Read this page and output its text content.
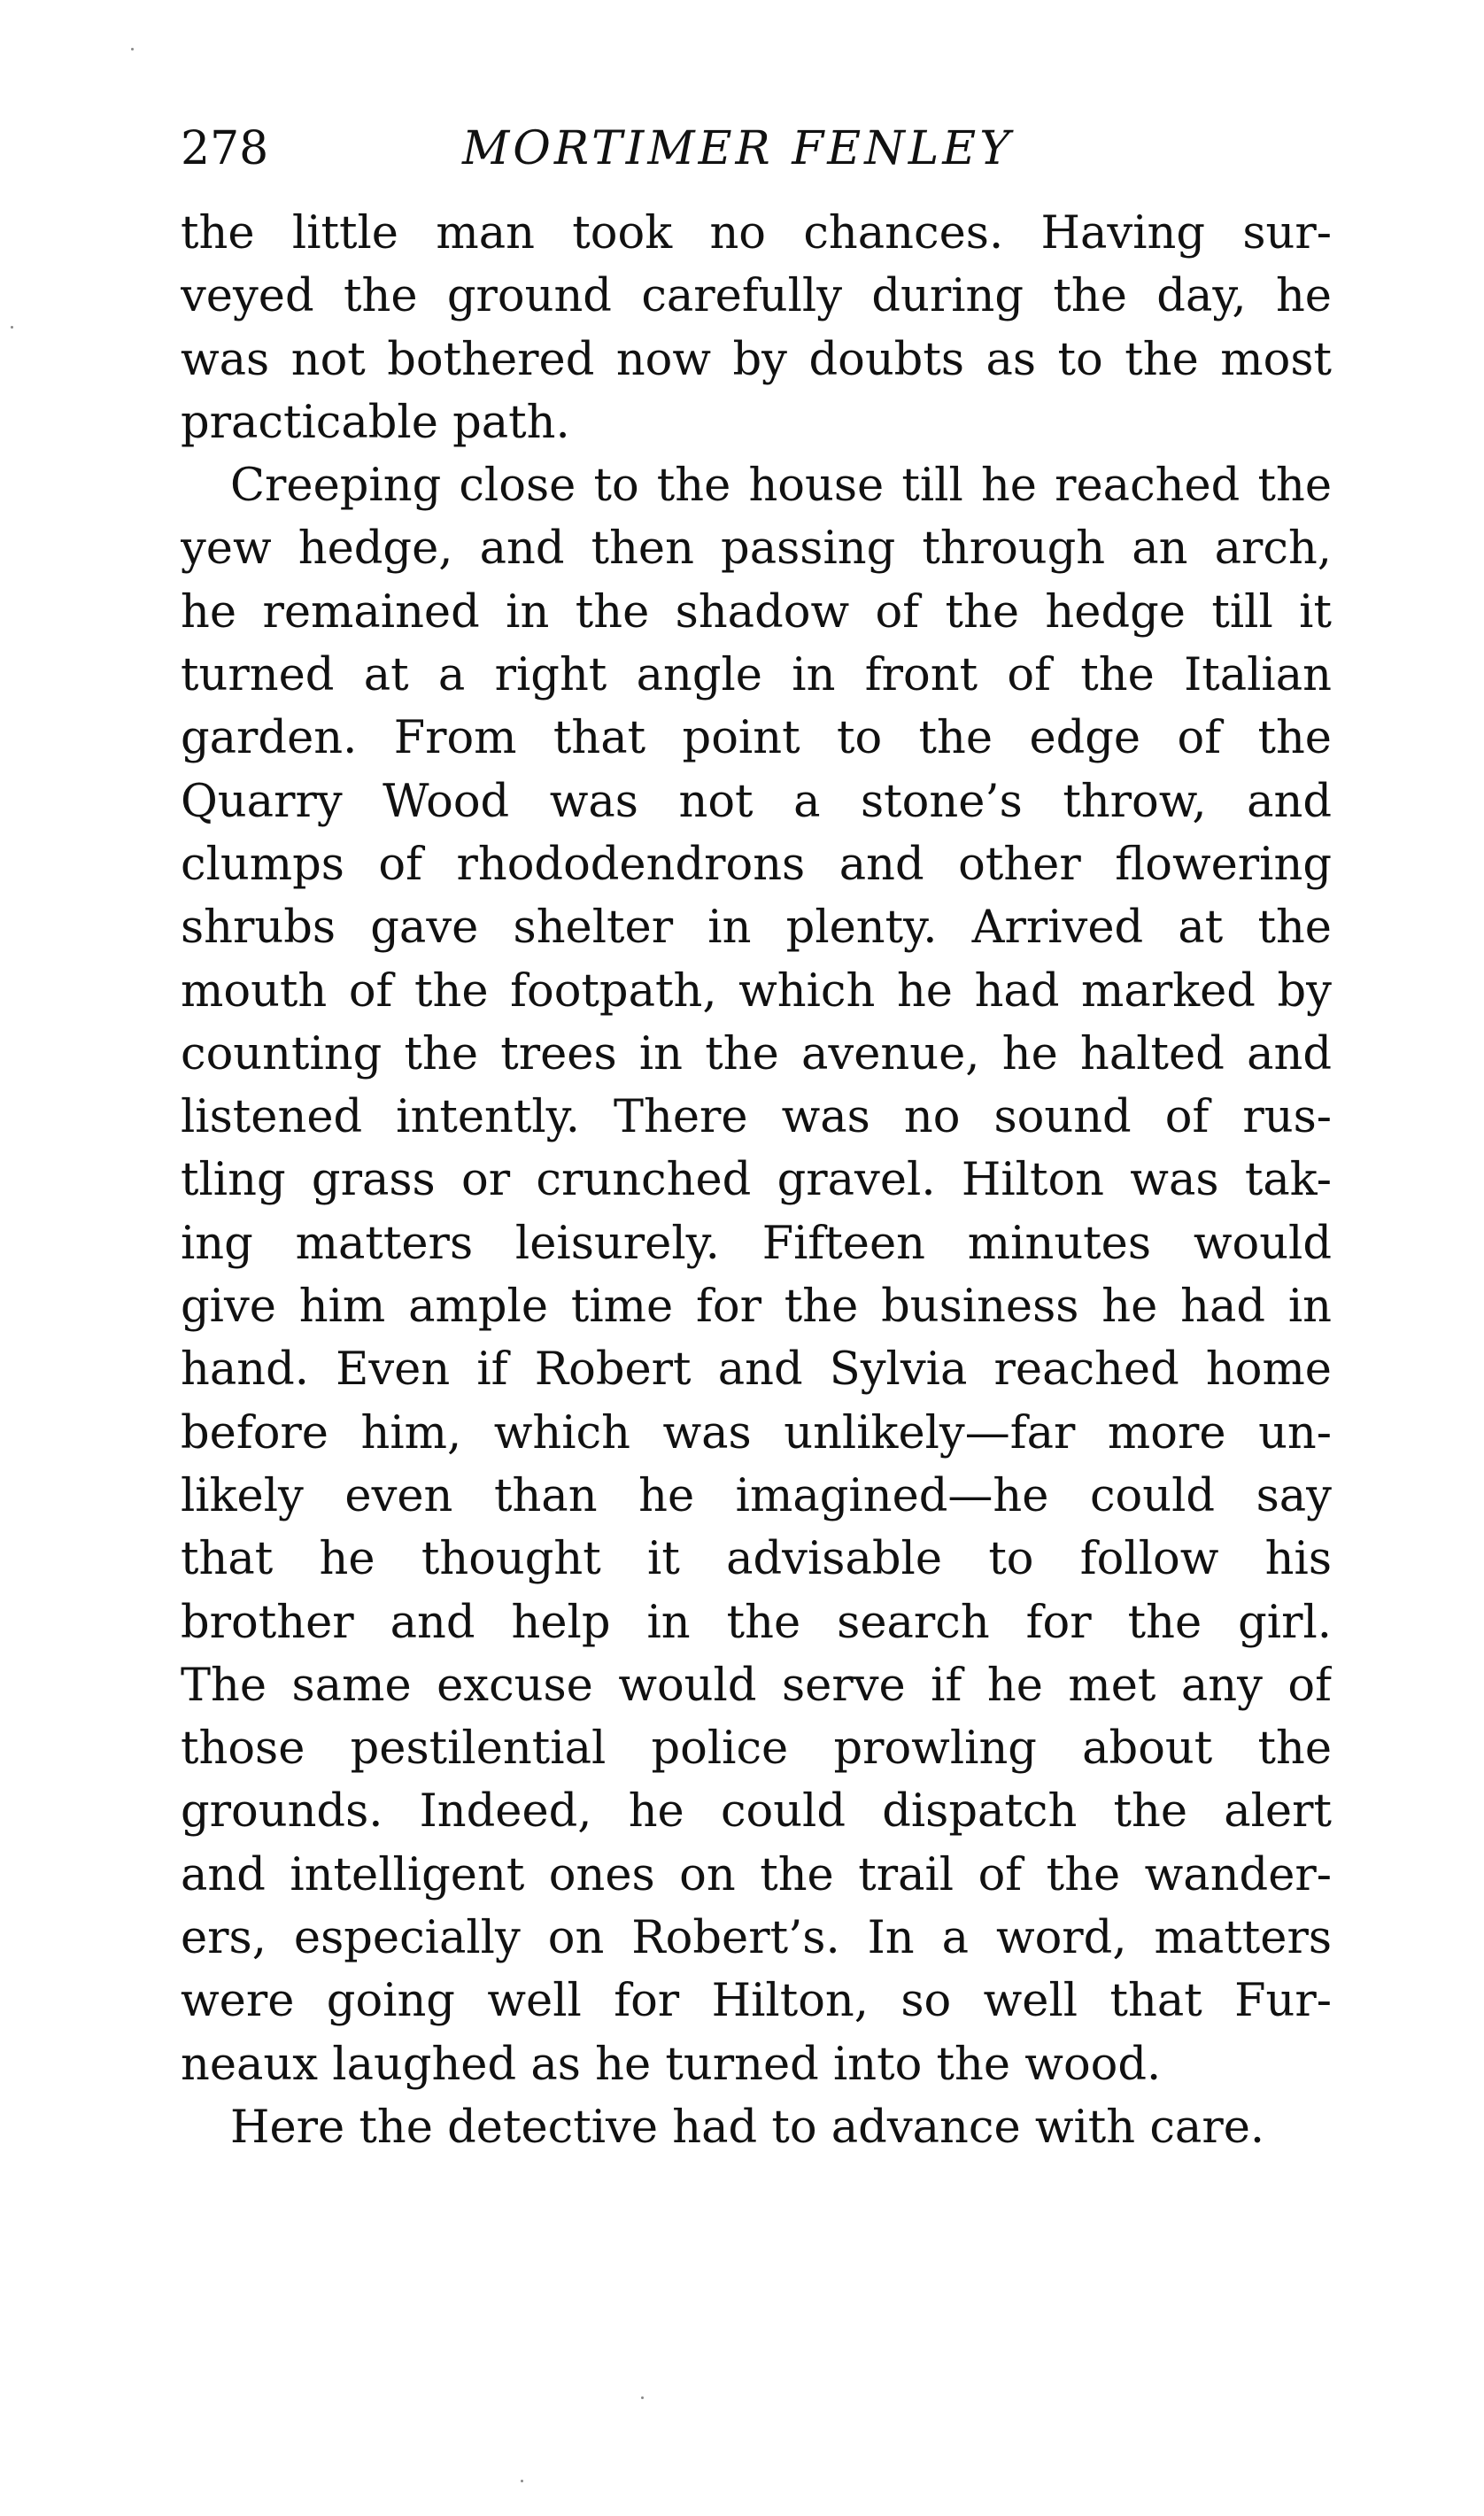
278	MORTIMER FENLEY
the little man took no chances. Having sur-
veyed the ground carefully during the day, he
was not bothered now by doubts as to the most
practicable path.
Creeping close to the house till he reached the
yew hedge, and then passing through an arch,
he remained in the shadow of the hedge till it
turned at a right angle in front of the Italian
garden. From that point to the edge of the
Quarry Wood was not a stone’s throw, and
clumps of rhododendrons and other flowering
shrubs gave shelter in plenty. Arrived at the
mouth of the footpath, which he had marked by
counting the trees in the avenue, he halted and
listened intently. There was no sound of rus-
tling grass or crunched gravel. Hilton was tak-
ing matters leisurely. Fifteen minutes would
give him ample time for the business he had in
hand. Even if Robert and Sylvia reached home
before him, which was unlikely—far more un-
likely even than he imagined—he could say
that he thought it advisable to follow his
brother and help in the search for the girl.
The same excuse would serve if he met any of
those pestilential police prowling about the
grounds. Indeed, he could dispatch the alert
and intelligent ones on the trail of the wander-
ers, especially on Robert’s. In a word, matters
were going well for Hilton, so well that Fur-
neaux laughed as he turned into the wood.
Here the detective had to advance with care.
